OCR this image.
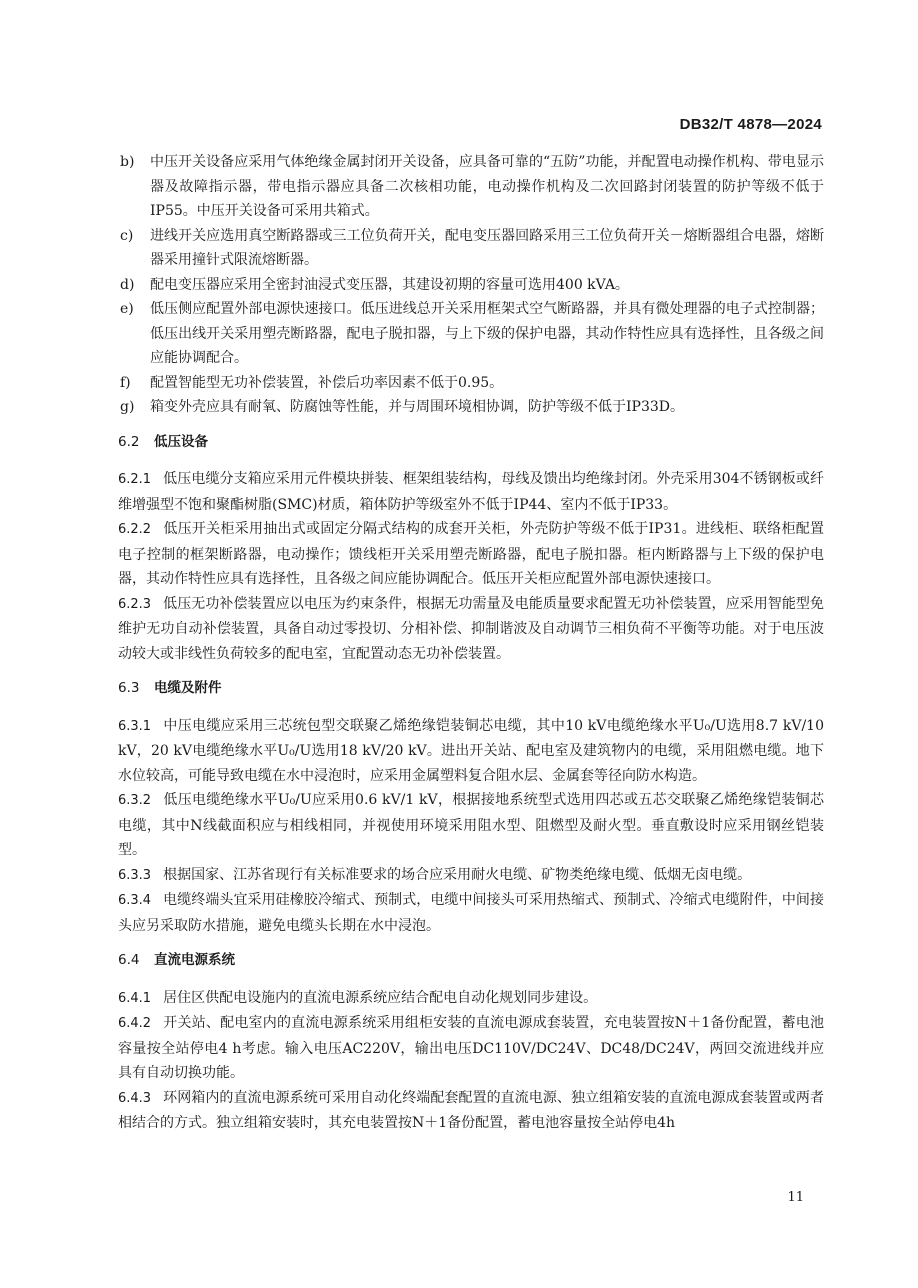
DB32/T 4878—2024
b) 中压开关设备应采用气体绝缘金属封闭开关设备，应具备可靠的“五防”功能，并配置电动操作机构、带电显示器及故障指示器，带电指示器应具备二次核相功能，电动操作机构及二次回路封闭装置的防护等级不低于IP55。中压开关设备可采用共箱式。
c) 进线开关应选用真空断路器或三工位负荷开关，配电变压器回路采用三工位负荷开关－熔断器组合电器，熔断器采用撞针式限流熔断器。
d) 配电变压器应采用全密封油浸式变压器，其建设初期的容量可选用400 kVA。
e) 低压侧应配置外部电源快速接口。低压进线总开关采用框架式空气断路器，并具有微处理器的电子式控制器；低压出线开关采用塑壳断路器，配电子脱扣器，与上下级的保护电器，其动作特性应具有选择性，且各级之间应能协调配合。
f) 配置智能型无功补偿装置，补偿后功率因素不低于0.95。
g) 箱变外壳应具有耐氧、防腐蚀等性能，并与周围环境相协调，防护等级不低于IP33D。
6.2 低压设备
6.2.1 低压电缆分支箱应采用元件模块拼装、框架组装结构，母线及馈出均绝缘封闭。外壳采用304不锈钢板或纤维增强型不饱和聚酯树脂(SMC)材质，箱体防护等级室外不低于IP44、室内不低于IP33。
6.2.2 低压开关柜采用抽出式或固定分隔式结构的成套开关柜，外壳防护等级不低于IP31。进线柜、联络柜配置电子控制的框架断路器，电动操作；馈线柜开关采用塑壳断路器，配电子脱扣器。柜内断路器与上下级的保护电器，其动作特性应具有选择性，且各级之间应能协调配合。低压开关柜应配置外部电源快速接口。
6.2.3 低压无功补偿装置应以电压为约束条件，根据无功需量及电能质量要求配置无功补偿装置，应采用智能型免维护无功自动补偿装置，具备自动过零投切、分相补偿、抑制谐波及自动调节三相负荷不平衡等功能。对于电压波动较大或非线性负荷较多的配电室，宜配置动态无功补偿装置。
6.3 电缆及附件
6.3.1 中压电缆应采用三芯统包型交联聚乙烯绝缘铠装铜芯电缆，其中10 kV电缆绝缘水平U₀/U选用8.7 kV/10 kV，20 kV电缆绝缘水平U₀/U选用18 kV/20 kV。进出开关站、配电室及建筑物内的电缆，采用阻燃电缆。地下水位较高，可能导致电缆在水中浸泡时，应采用金属塑料复合阻水层、金属套等径向防水构造。
6.3.2 低压电缆绝缘水平U₀/U应采用0.6 kV/1 kV，根据接地系统型式选用四芯或五芯交联聚乙烯绝缘铠装铜芯电缆，其中N线截面积应与相线相同，并视使用环境采用阻水型、阻燃型及耐火型。垂直敷设时应采用钢丝铠装型。
6.3.3 根据国家、江苏省现行有关标准要求的场合应采用耐火电缆、矿物类绝缘电缆、低烟无卤电缆。
6.3.4 电缆终端头宜采用硅橡胶冷缩式、预制式，电缆中间接头可采用热缩式、预制式、冷缩式电缆附件，中间接头应另采取防水措施，避免电缆头长期在水中浸泡。
6.4 直流电源系统
6.4.1 居住区供配电设施内的直流电源系统应结合配电自动化规划同步建设。
6.4.2 开关站、配电室内的直流电源系统采用组柜安装的直流电源成套装置，充电装置按N＋1备份配置，蓄电池容量按全站停电4 h考虑。输入电压AC220V，输出电压DC110V/DC24V、DC48/DC24V，两回交流进线并应具有自动切换功能。
6.4.3 环网箱内的直流电源系统可采用自动化终端配套配置的直流电源、独立组箱安装的直流电源成套装置或两者相结合的方式。独立组箱安装时，其充电装置按N＋1备份配置，蓄电池容量按全站停电4h
11
